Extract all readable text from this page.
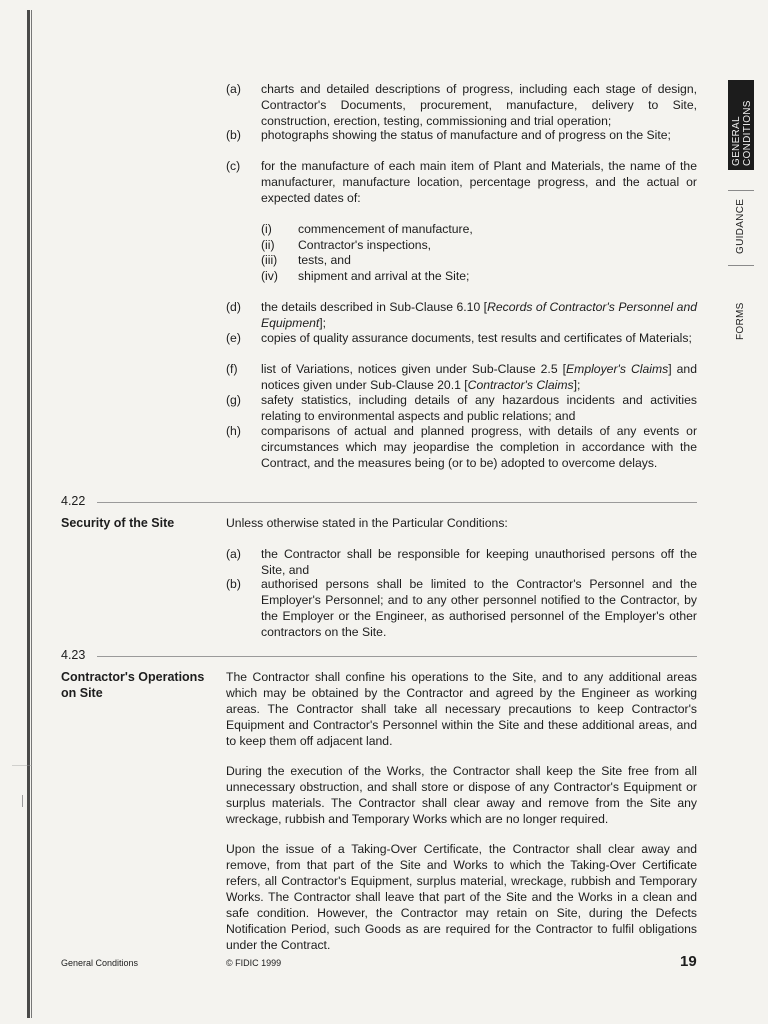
(a)	charts and detailed descriptions of progress, including each stage of design, Contractor's Documents, procurement, manufacture, delivery to Site, construction, erection, testing, commissioning and trial operation;
(b)	photographs showing the status of manufacture and of progress on the Site;
(c)	for the manufacture of each main item of Plant and Materials, the name of the manufacturer, manufacture location, percentage progress, and the actual or expected dates of:
(i)	commencement of manufacture,
(ii)	Contractor's inspections,
(iii)	tests, and
(iv)	shipment and arrival at the Site;
(d)	the details described in Sub-Clause 6.10 [Records of Contractor's Personnel and Equipment];
(e)	copies of quality assurance documents, test results and certificates of Materials;
(f)	list of Variations, notices given under Sub-Clause 2.5 [Employer's Claims] and notices given under Sub-Clause 20.1 [Contractor's Claims];
(g)	safety statistics, including details of any hazardous incidents and activities relating to environmental aspects and public relations; and
(h)	comparisons of actual and planned progress, with details of any events or circumstances which may jeopardise the completion in accordance with the Contract, and the measures being (or to be) adopted to overcome delays.
4.22
Security of the Site	Unless otherwise stated in the Particular Conditions:
(a)	the Contractor shall be responsible for keeping unauthorised persons off the Site, and
(b)	authorised persons shall be limited to the Contractor's Personnel and the Employer's Personnel; and to any other personnel notified to the Contractor, by the Employer or the Engineer, as authorised personnel of the Employer's other contractors on the Site.
4.23
Contractor's Operations on Site
The Contractor shall confine his operations to the Site, and to any additional areas which may be obtained by the Contractor and agreed by the Engineer as working areas. The Contractor shall take all necessary precautions to keep Contractor's Equipment and Contractor's Personnel within the Site and these additional areas, and to keep them off adjacent land.
During the execution of the Works, the Contractor shall keep the Site free from all unnecessary obstruction, and shall store or dispose of any Contractor's Equipment or surplus materials. The Contractor shall clear away and remove from the Site any wreckage, rubbish and Temporary Works which are no longer required.
Upon the issue of a Taking-Over Certificate, the Contractor shall clear away and remove, from that part of the Site and Works to which the Taking-Over Certificate refers, all Contractor's Equipment, surplus material, wreckage, rubbish and Temporary Works. The Contractor shall leave that part of the Site and the Works in a clean and safe condition. However, the Contractor may retain on Site, during the Defects Notification Period, such Goods as are required for the Contractor to fulfil obligations under the Contract.
GENERAL CONDITIONS
GUIDANCE
FORMS
General Conditions	© FIDIC 1999	19
